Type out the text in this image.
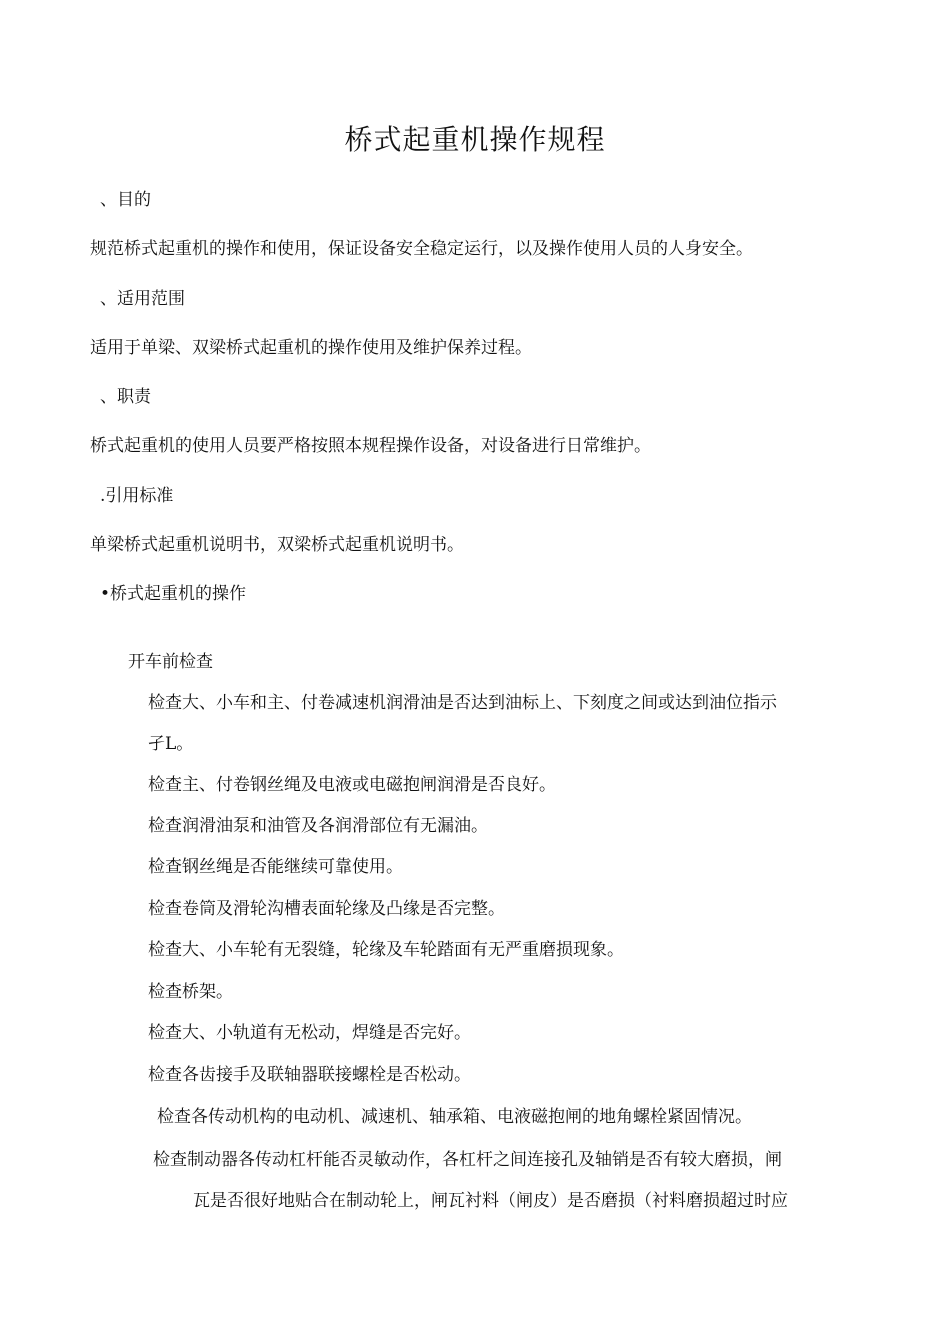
桥式起重机操作规程

、目的

规范桥式起重机的操作和使用，保证设备安全稳定运行，以及操作使用人员的人身安全。

、适用范围

适用于单梁、双梁桥式起重机的操作使用及维护保养过程。

、职责

桥式起重机的使用人员要严格按照本规程操作设备，对设备进行日常维护。

.引用标准

单梁桥式起重机说明书，双梁桥式起重机说明书。

•桥式起重机的操作

开车前检查

检查大、小车和主、付卷减速机润滑油是否达到油标上、下刻度之间或达到油位指示

孑L。

检查主、付卷钢丝绳及电液或电磁抱闸润滑是否良好。

检查润滑油泵和油管及各润滑部位有无漏油。

检查钢丝绳是否能继续可靠使用。

检查卷筒及滑轮沟槽表面轮缘及凸缘是否完整。

检查大、小车轮有无裂缝，轮缘及车轮踏面有无严重磨损现象。

检查桥架。

检查大、小轨道有无松动，焊缝是否完好。

检查各齿接手及联轴器联接螺栓是否松动。

检查各传动机构的电动机、减速机、轴承箱、电液磁抱闸的地角螺栓紧固情况。

检查制动器各传动杠杆能否灵敏动作，各杠杆之间连接孔及轴销是否有较大磨损，闸

瓦是否很好地贴合在制动轮上，闸瓦衬料（闸皮）是否磨损（衬料磨损超过时应
